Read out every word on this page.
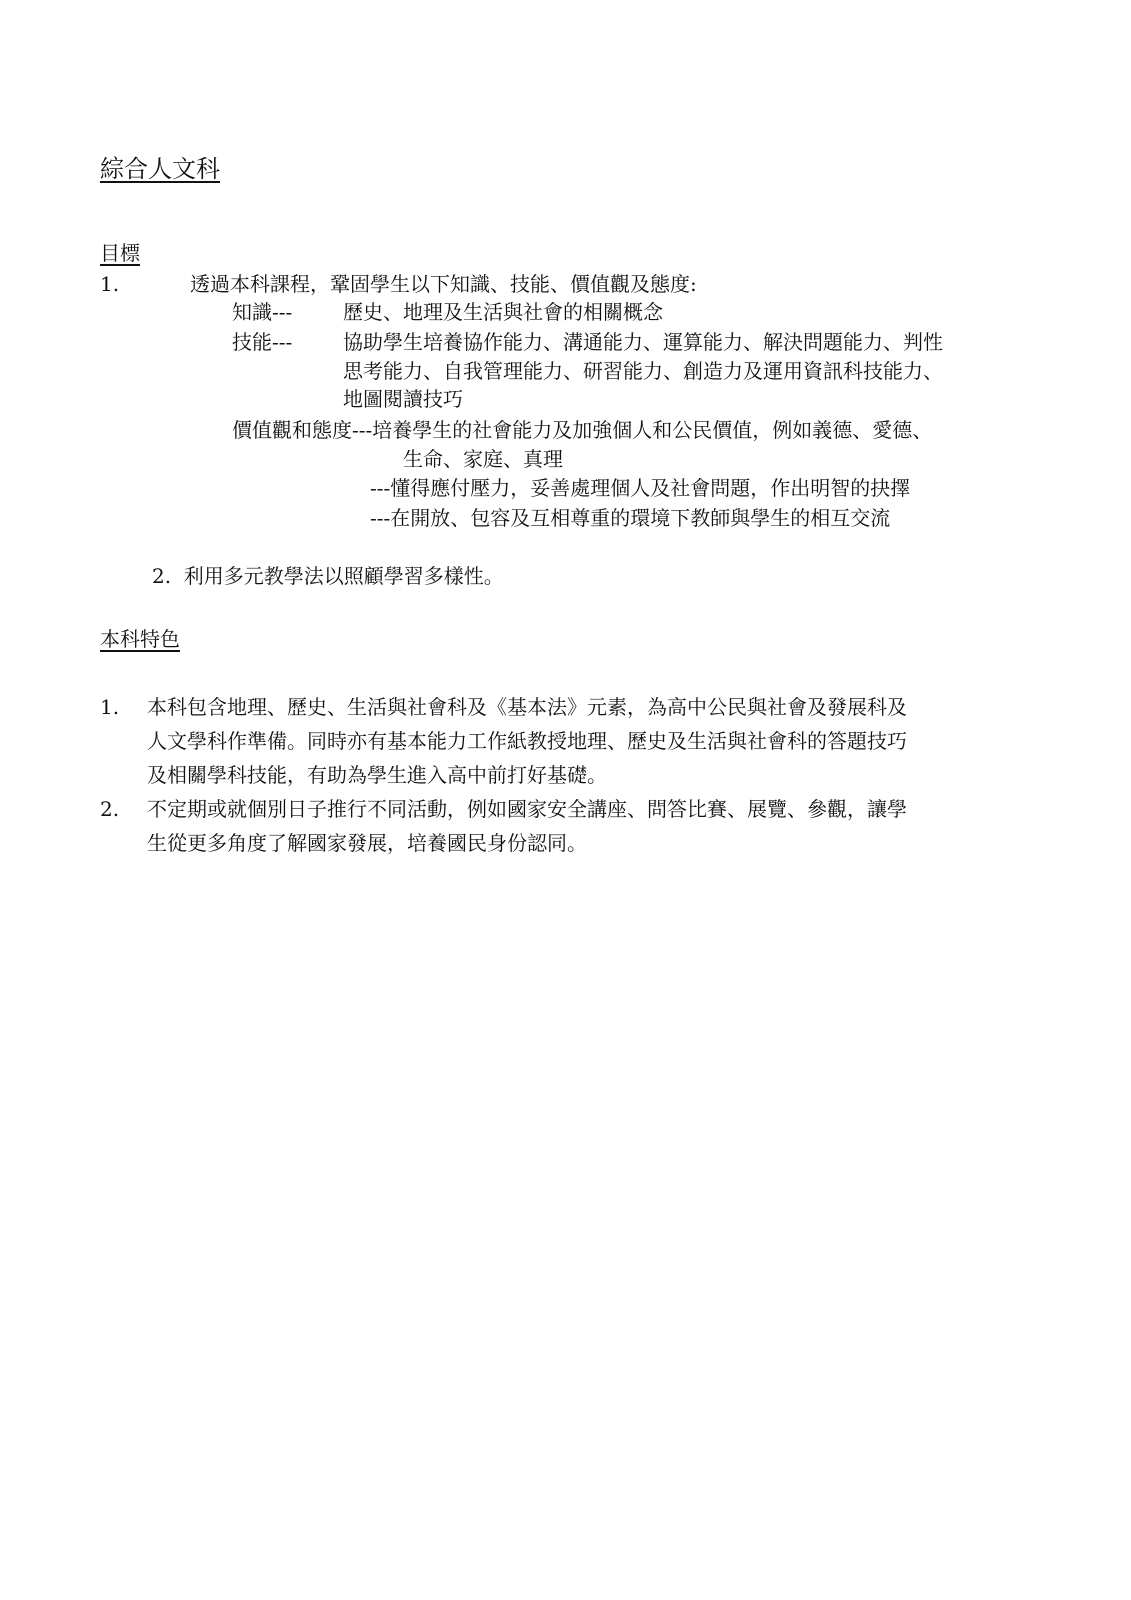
綜合人文科
目標
1.	透過本科課程，鞏固學生以下知識、技能、價值觀及態度:
知識---	歷史、地理及生活與社會的相關概念
技能---	協助學生培養協作能力、溝通能力、運算能力、解決問題能力、判性
思考能力、自我管理能力、研習能力、創造力及運用資訊科技能力、
地圖閱讀技巧
價值觀和態度---培養學生的社會能力及加強個人和公民價值，例如義德、愛德、
生命、家庭、真理
---懂得應付壓力，妥善處理個人及社會問題，作出明智的抉擇
---在開放、包容及互相尊重的環境下教師與學生的相互交流
2.  利用多元教學法以照顧學習多樣性。
本科特色
1. 本科包含地理、歷史、生活與社會科及《基本法》元素，為高中公民與社會及發展科及
人文學科作準備。同時亦有基本能力工作紙教授地理、歷史及生活與社會科的答題技巧
及相關學科技能，有助為學生進入高中前打好基礎。
2. 不定期或就個別日子推行不同活動，例如國家安全講座、問答比賽、展覽、參觀，讓學
生從更多角度了解國家發展，培養國民身份認同。
